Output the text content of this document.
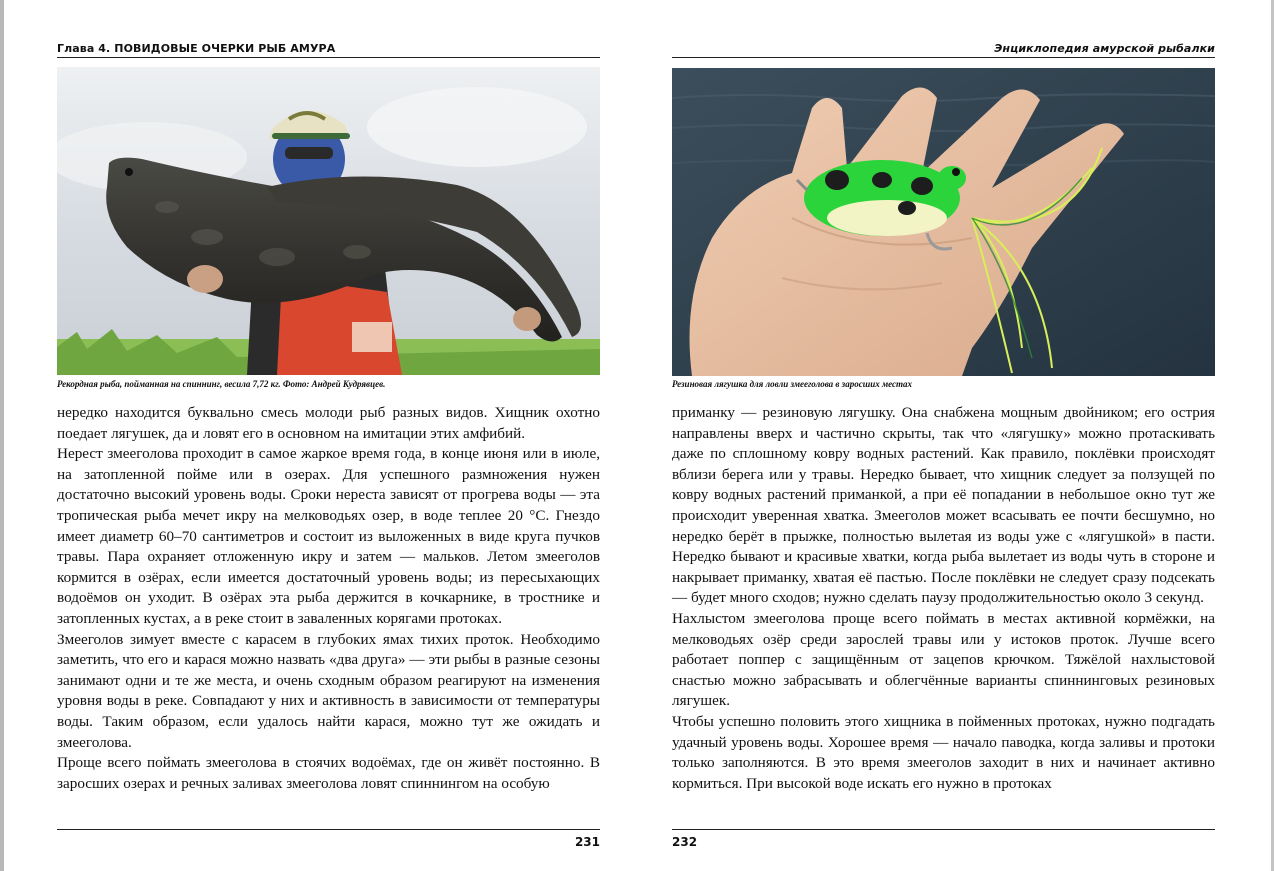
Глава 4. ПОВИДОВЫЕ ОЧЕРКИ РЫБ АМУРА
Рекордная рыба, пойманная на спиннинг, весила 7,72 кг. Фото: Андрей Кудрявцев.

нередко находится буквально смесь молоди рыб разных видов. Хищник охотно поедает лягушек, да и ловят его в основном на имитации этих амфибий.

Нерест змееголова проходит в самое жаркое время года, в конце июня или в июле, на затопленной пойме или в озерах. Для успешного размножения нужен достаточно высокий уровень воды. Сроки нереста зависят от прогрева воды — эта тропическая рыба мечет икру на мелководьях озер, в воде теплее 20 °С. Гнездо имеет диаметр 60–70 сантиметров и состоит из выложенных в виде круга пучков травы. Пара охраняет отложенную икру и затем — мальков. Летом змееголов кормится в озёрах, если имеется достаточный уровень воды; из пересыхающих водоёмов он уходит. В озёрах эта рыба держится в кочкарнике, в тростнике и затопленных кустах, а в реке стоит в заваленных корягами протоках.

Змееголов зимует вместе с карасем в глубоких ямах тихих проток. Необходимо заметить, что его и карася можно назвать «два друга» — эти рыбы в разные сезоны занимают одни и те же места, и очень сходным образом реагируют на изменения уровня воды в реке. Совпадают у них и активность в зависимости от температуры воды. Таким образом, если удалось найти карася, можно тут же ожидать и змееголова.

Проще всего поймать змееголова в стоячих водоёмах, где он живёт постоянно. В заросших озерах и речных заливах змееголова ловят спиннингом на особую

231
Энциклопедия амурской рыбалки
Резиновая лягушка для ловли змееголова в заросших местах

приманку — резиновую лягушку. Она снабжена мощным двойником; его острия направлены вверх и частично скрыты, так что «лягушку» можно протаскивать даже по сплошному ковру водных растений. Как правило, поклёвки происходят вблизи берега или у травы. Нередко бывает, что хищник следует за ползущей по ковру водных растений приманкой, а при её попадании в небольшое окно тут же происходит уверенная хватка. Змееголов может всасывать ее почти бесшумно, но нередко берёт в прыжке, полностью вылетая из воды уже с «лягушкой» в пасти. Нередко бывают и красивые хватки, когда рыба вылетает из воды чуть в стороне и накрывает приманку, хватая её пастью. После поклёвки не следует сразу подсекать — будет много сходов; нужно сделать паузу продолжительностью около 3 секунд.

Нахлыстом змееголова проще всего поймать в местах активной кормёжки, на мелководьях озёр среди зарослей травы или у истоков проток. Лучше всего работает поппер с защищённым от зацепов крючком. Тяжёлой нахлыстовой снастью можно забрасывать и облегчённые варианты спиннинговых резиновых лягушек.

Чтобы успешно половить этого хищника в пойменных протоках, нужно подгадать удачный уровень воды. Хорошее время — начало паводка, когда заливы и протоки только заполняются. В это время змееголов заходит в них и начинает активно кормиться. При высокой воде искать его нужно в протоках

232
